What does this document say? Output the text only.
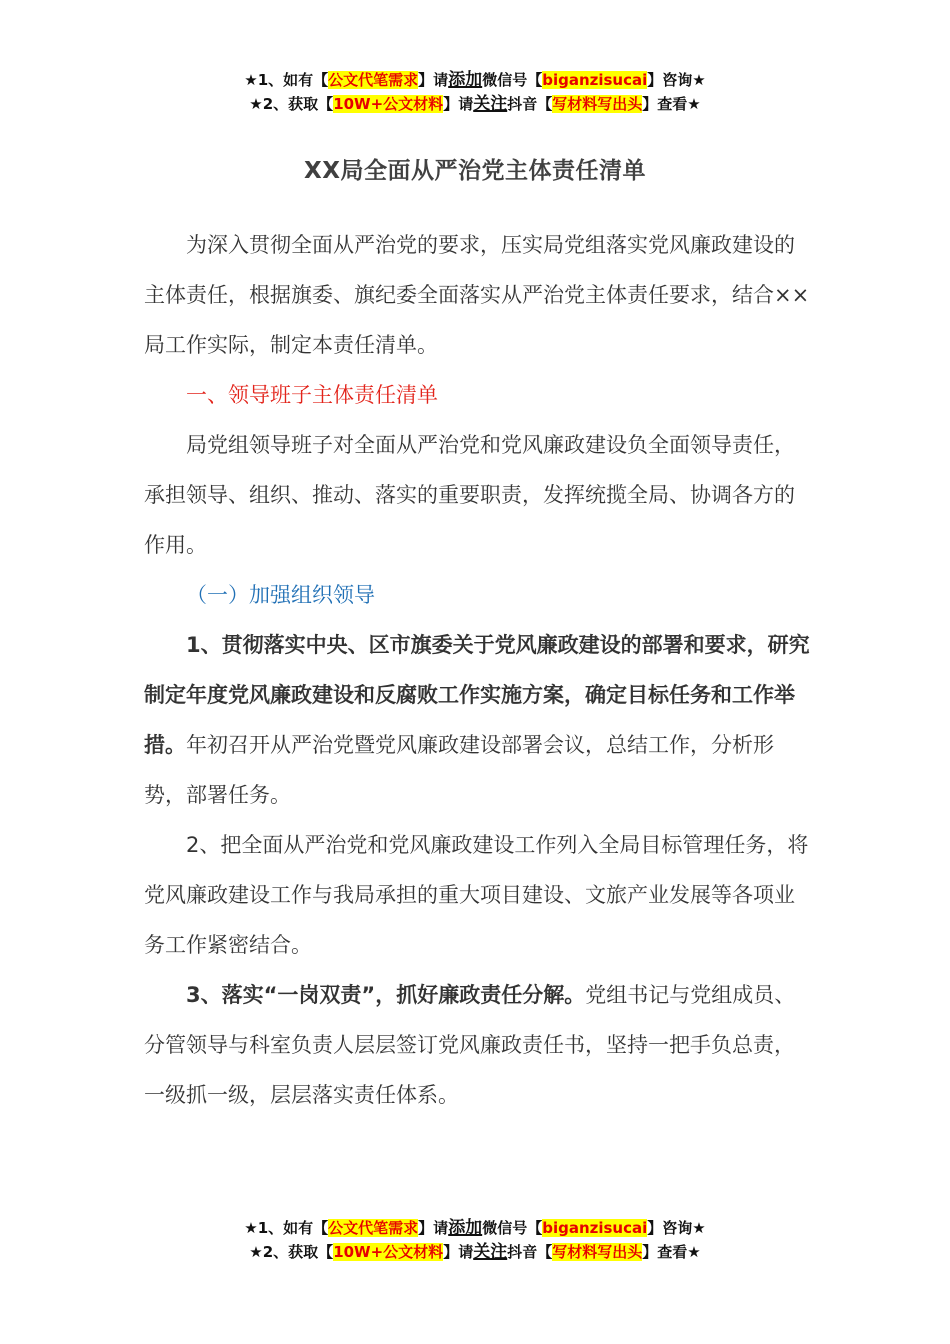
★1、如有【公文代笔需求】请添加微信号【biganzisucai】咨询★
★2、获取【10W+公文材料】请关注抖音【写材料写出头】查看★
XX局全面从严治党主体责任清单

为深入贯彻全面从严治党的要求，压实局党组落实党风廉政建设的主体责任，根据旗委、旗纪委全面落实从严治党主体责任要求，结合××局工作实际，制定本责任清单。

一、领导班子主体责任清单

局党组领导班子对全面从严治党和党风廉政建设负全面领导责任，承担领导、组织、推动、落实的重要职责，发挥统揽全局、协调各方的作用。

（一）加强组织领导

1、贯彻落实中央、区市旗委关于党风廉政建设的部署和要求，研究制定年度党风廉政建设和反腐败工作实施方案，确定目标任务和工作举措。年初召开从严治党暨党风廉政建设部署会议，总结工作，分析形势，部署任务。

2、把全面从严治党和党风廉政建设工作列入全局目标管理任务，将党风廉政建设工作与我局承担的重大项目建设、文旅产业发展等各项业务工作紧密结合。

3、落实“一岗双责”，抓好廉政责任分解。党组书记与党组成员、分管领导与科室负责人层层签订党风廉政责任书，坚持一把手负总责，一级抓一级，层层落实责任体系。

★1、如有【公文代笔需求】请添加微信号【biganzisucai】咨询★
★2、获取【10W+公文材料】请关注抖音【写材料写出头】查看★
